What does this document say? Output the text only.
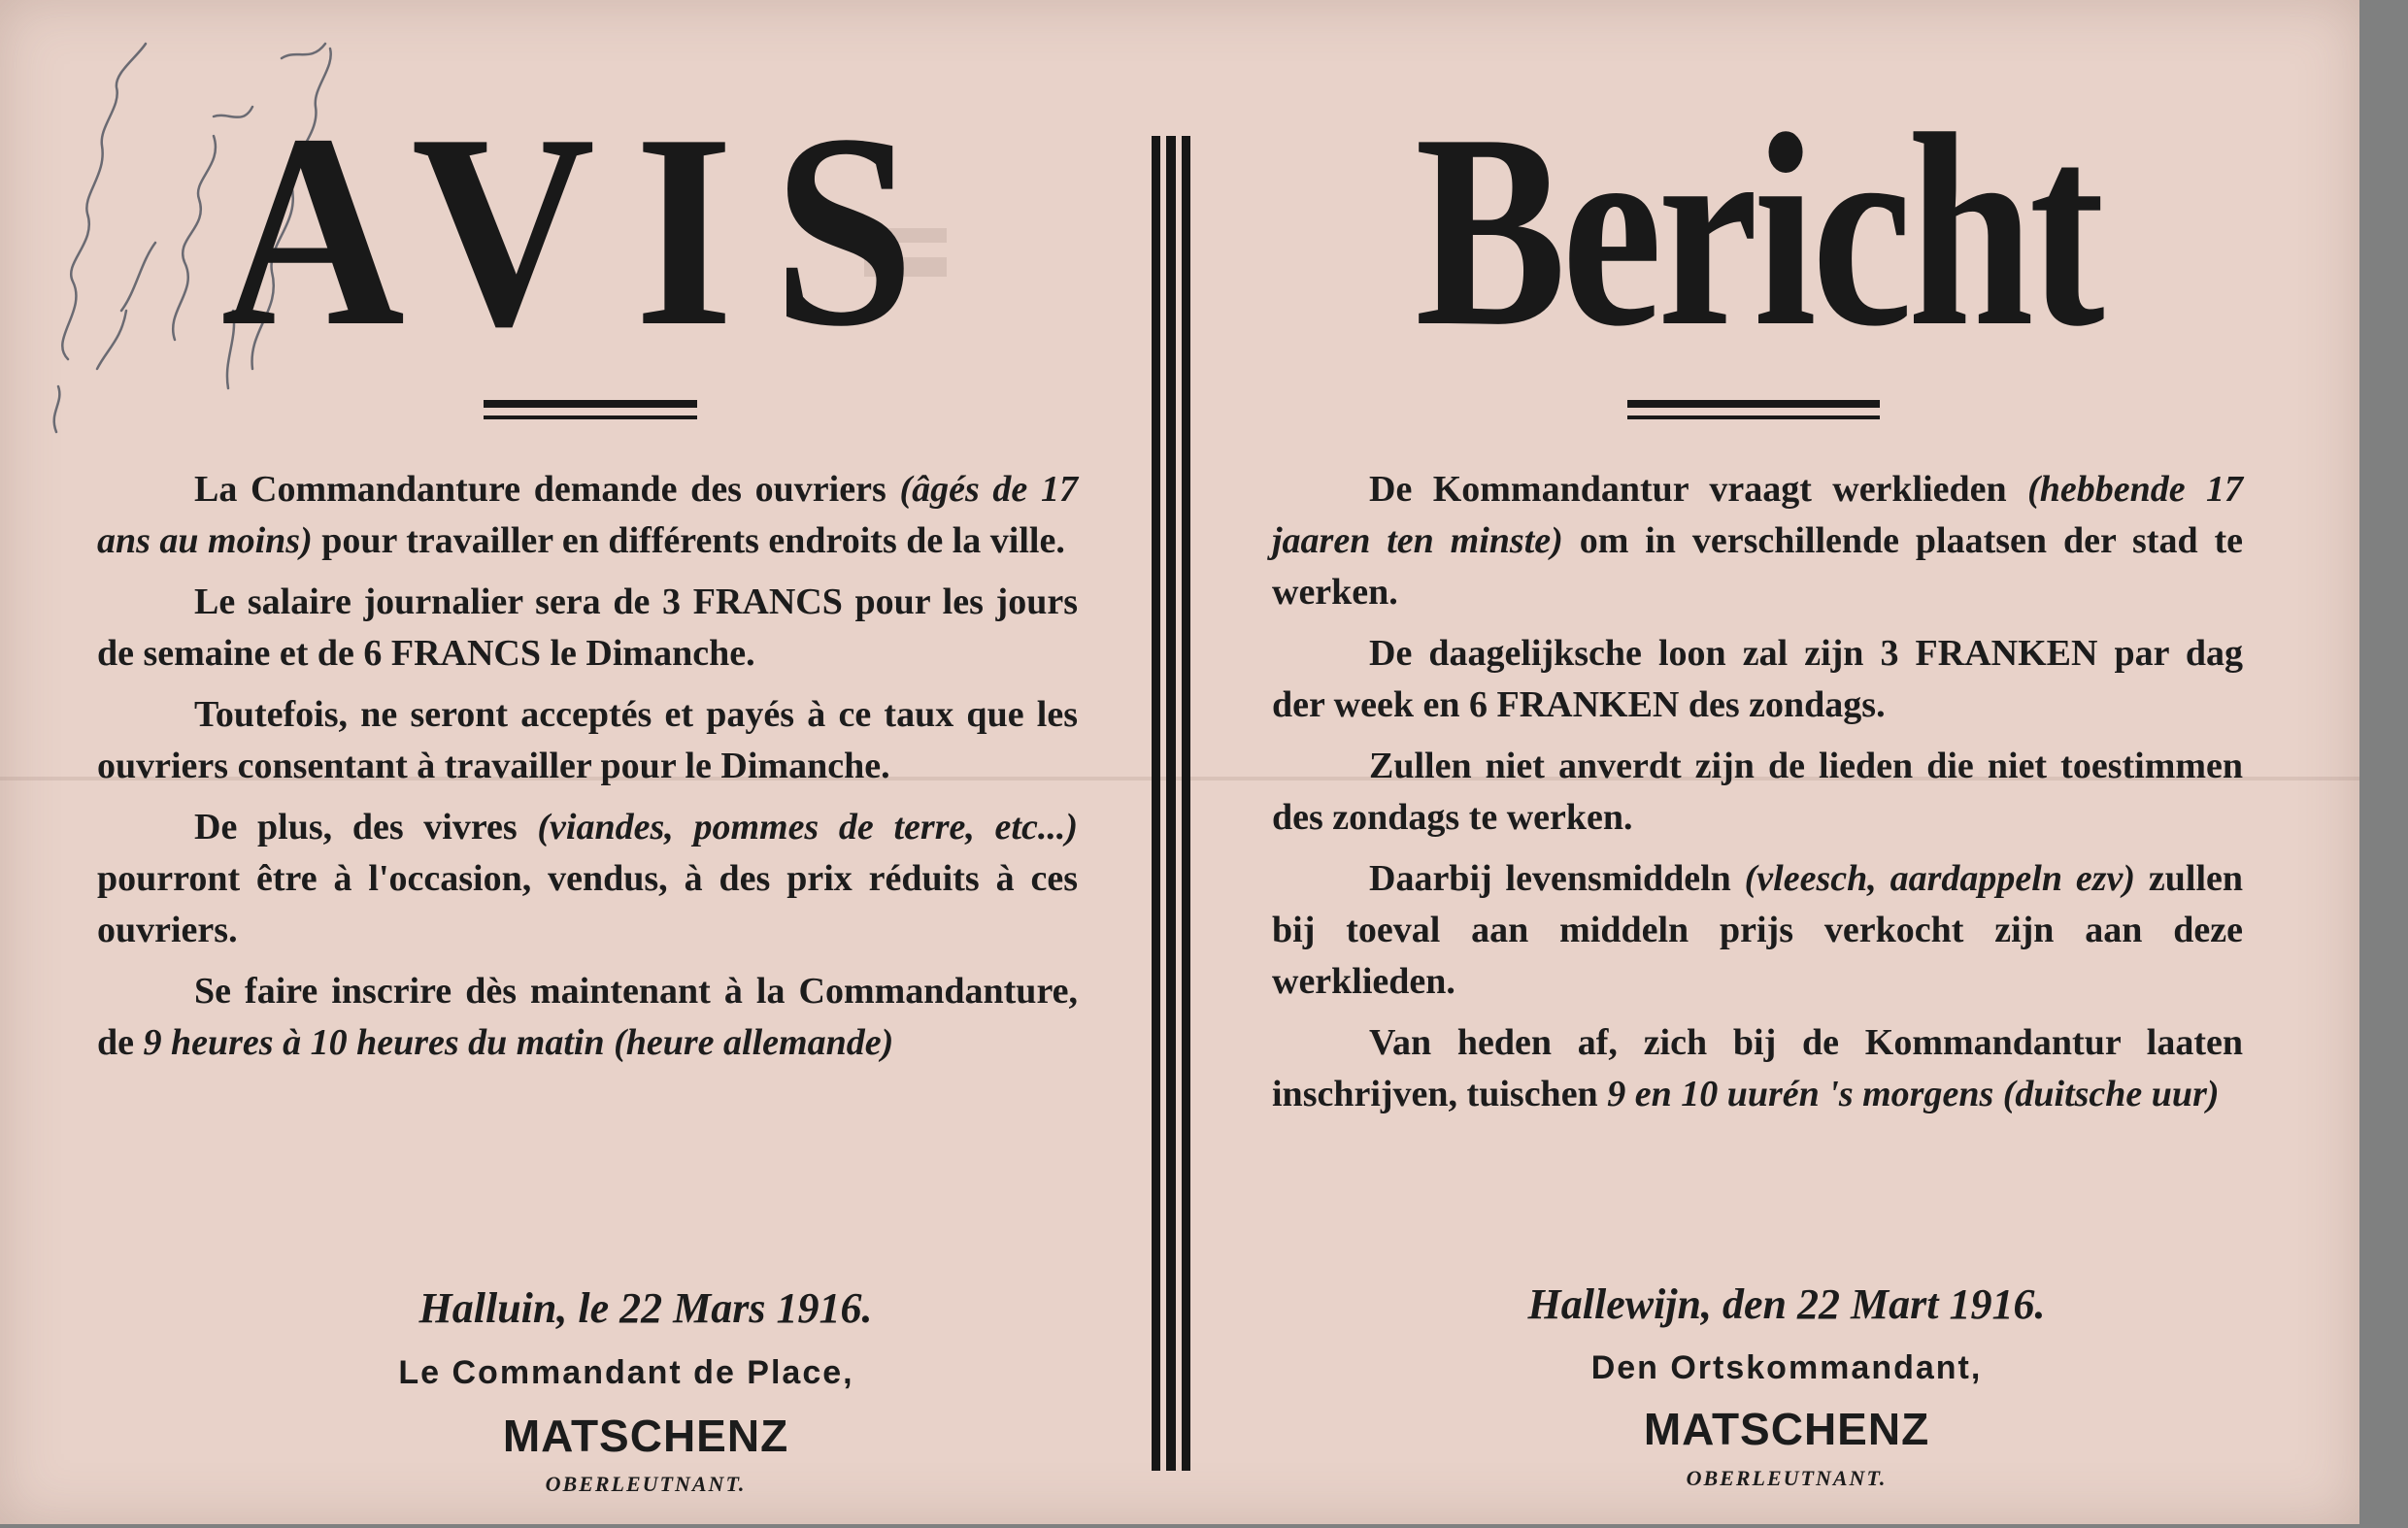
AVIS

La Commandanture demande des ouvriers (âgés de 17 ans au moins) pour travailler en différents endroits de la ville.

Le salaire journalier sera de 3 FRANCS pour les jours de semaine et de 6 FRANCS le Dimanche.

Toutefois, ne seront acceptés et payés à ce taux que les ouvriers consentant à travailler pour le Dimanche.

De plus, des vivres (viandes, pommes de terre, etc...) pourront être à l'occasion, vendus, à des prix réduits à ces ouvriers.

Se faire inscrire dès maintenant à la Commandanture, de 9 heures à 10 heures du matin (heure allemande)

Halluin, le 22 Mars 1916.
Le Commandant de Place,
MATSCHENZ
OBERLEUTNANT.
Bericht

De Kommandantur vraagt werklieden (hebbende 17 jaaren ten minste) om in verschillende plaatsen der stad te werken.

De daagelijksche loon zal zijn 3 FRANKEN par dag der week en 6 FRANKEN des zondags.

Zullen niet anverdt zijn de lieden die niet toestimmen des zondags te werken.

Daarbij levensmiddeln (vleesch, aardappeln ezv) zullen bij toeval aan middeln prijs verkocht zijn aan deze werklieden.

Van heden af, zich bij de Kommandantur laaten inschrijven, tuischen 9 en 10 uurén 's morgens (duitsche uur)

Hallewijn, den 22 Mart 1916.
Den Ortskommandant,
MATSCHENZ
OBERLEUTNANT.
